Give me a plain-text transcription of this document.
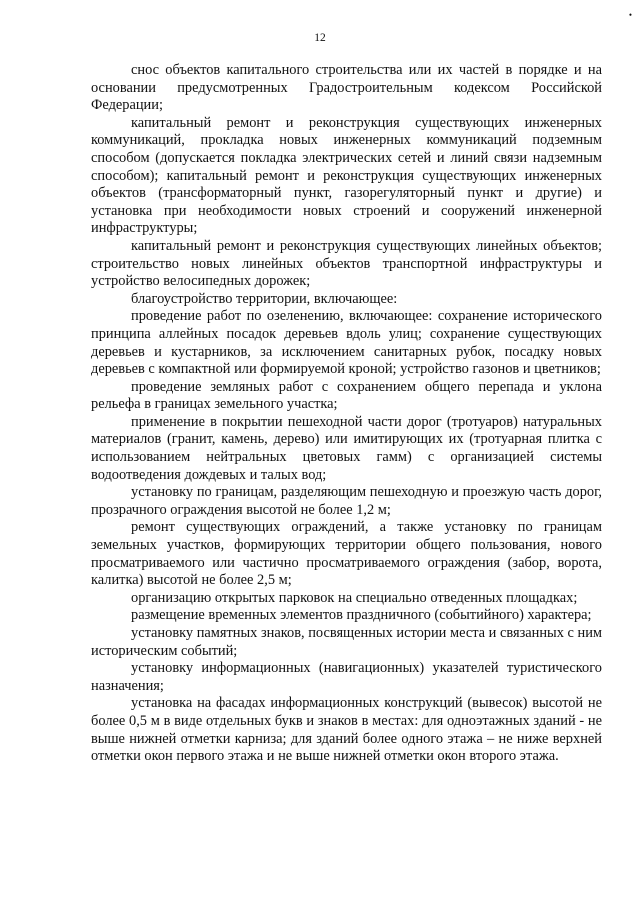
•
12

снос объектов капитального строительства или их частей в порядке и на основании предусмотренных Градостроительным кодексом Российской Федерации;

капитальный ремонт и реконструкция существующих инженерных коммуникаций, прокладка новых инженерных коммуникаций подземным способом (допускается покладка электрических сетей и линий связи надземным способом); капитальный ремонт и реконструкция существующих инженерных объектов (трансформаторный пункт, газорегуляторный пункт и другие) и установка при необходимости новых строений и сооружений инженерной инфраструктуры;

капитальный ремонт и реконструкция существующих линейных объектов; строительство новых линейных объектов транспортной инфраструктуры и устройство велосипедных дорожек;

благоустройство территории, включающее:

проведение работ по озеленению, включающее: сохранение исторического принципа аллейных посадок деревьев вдоль улиц; сохранение существующих деревьев и кустарников, за исключением санитарных рубок, посадку новых деревьев с компактной или формируемой кроной; устройство газонов и цветников;

проведение земляных работ с сохранением общего перепада и уклона рельефа в границах земельного участка;

применение в покрытии пешеходной части дорог (тротуаров) натуральных материалов (гранит, камень, дерево) или имитирующих их (тротуарная плитка с использованием нейтральных цветовых гамм) с организацией системы водоотведения дождевых и талых вод;

установку по границам, разделяющим пешеходную и проезжую часть дорог, прозрачного ограждения высотой не более 1,2 м;

ремонт существующих ограждений, а также установку по границам земельных участков, формирующих территории общего пользования, нового просматриваемого или частично просматриваемого ограждения (забор, ворота, калитка) высотой не более 2,5 м;

организацию открытых парковок на специально отведенных площадках;

размещение временных элементов праздничного (событийного) характера;

установку памятных знаков, посвященных истории места и связанных с ним историческим событий;

установку информационных (навигационных) указателей туристического назначения;

установка на фасадах информационных конструкций (вывесок) высотой не более 0,5 м в виде отдельных букв и знаков в местах: для одноэтажных зданий - не выше нижней отметки карниза; для зданий более одного этажа – не ниже верхней отметки окон первого этажа и не выше нижней отметки окон второго этажа.
